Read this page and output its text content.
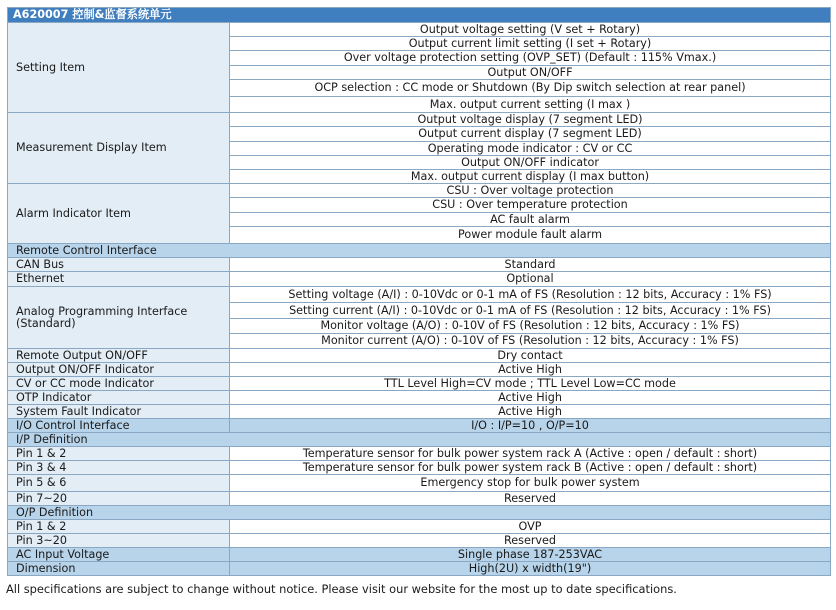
A620007 控制&监督系统单元	
Setting Item	Output voltage setting (V set + Rotary)
	Output current limit setting (I set + Rotary)
	Over voltage protection setting (OVP_SET) (Default : 115% Vmax.)
	Output ON/OFF
	OCP selection : CC mode or Shutdown (By Dip switch selection at rear panel)
	Max. output current setting (I max )
Measurement Display Item	Output voltage display (7 segment LED)
	Output current display (7 segment LED)
	Operating mode indicator : CV or CC
	Output ON/OFF indicator
	Max. output current display (I max button)
Alarm Indicator Item	CSU : Over voltage protection
	CSU : Over temperature protection
	AC fault alarm
	Power module fault alarm
Remote Control Interface	
CAN Bus	Standard
Ethernet	Optional
Analog Programming Interface (Standard)	Setting voltage (A/I) : 0-10Vdc or 0-1 mA of FS (Resolution : 12 bits, Accuracy : 1% FS)
	Setting current (A/I) : 0-10Vdc or 0-1 mA of FS (Resolution : 12 bits, Accuracy : 1% FS)
	Monitor voltage (A/O) : 0-10V of FS (Resolution : 12 bits, Accuracy : 1% FS)
	Monitor current (A/O) : 0-10V of FS (Resolution : 12 bits, Accuracy : 1% FS)
Remote Output ON/OFF	Dry contact
Output ON/OFF Indicator	Active High
CV or CC mode Indicator	TTL Level High=CV mode ; TTL Level Low=CC mode
OTP Indicator	Active High
System Fault Indicator	Active High
I/O Control Interface	I/O : I/P=10 , O/P=10
I/P Definition	
Pin 1 & 2	Temperature sensor for bulk power system rack A (Active : open / default : short)
Pin 3 & 4	Temperature sensor for bulk power system rack B (Active : open / default : short)
Pin 5 & 6	Emergency stop for bulk power system
Pin 7~20	Reserved
O/P Definition	
Pin 1 & 2	OVP
Pin 3~20	Reserved
AC Input Voltage	Single phase 187-253VAC
Dimension	High(2U) x width(19")
All specifications are subject to change without notice. Please visit our website for the most up to date specifications.
